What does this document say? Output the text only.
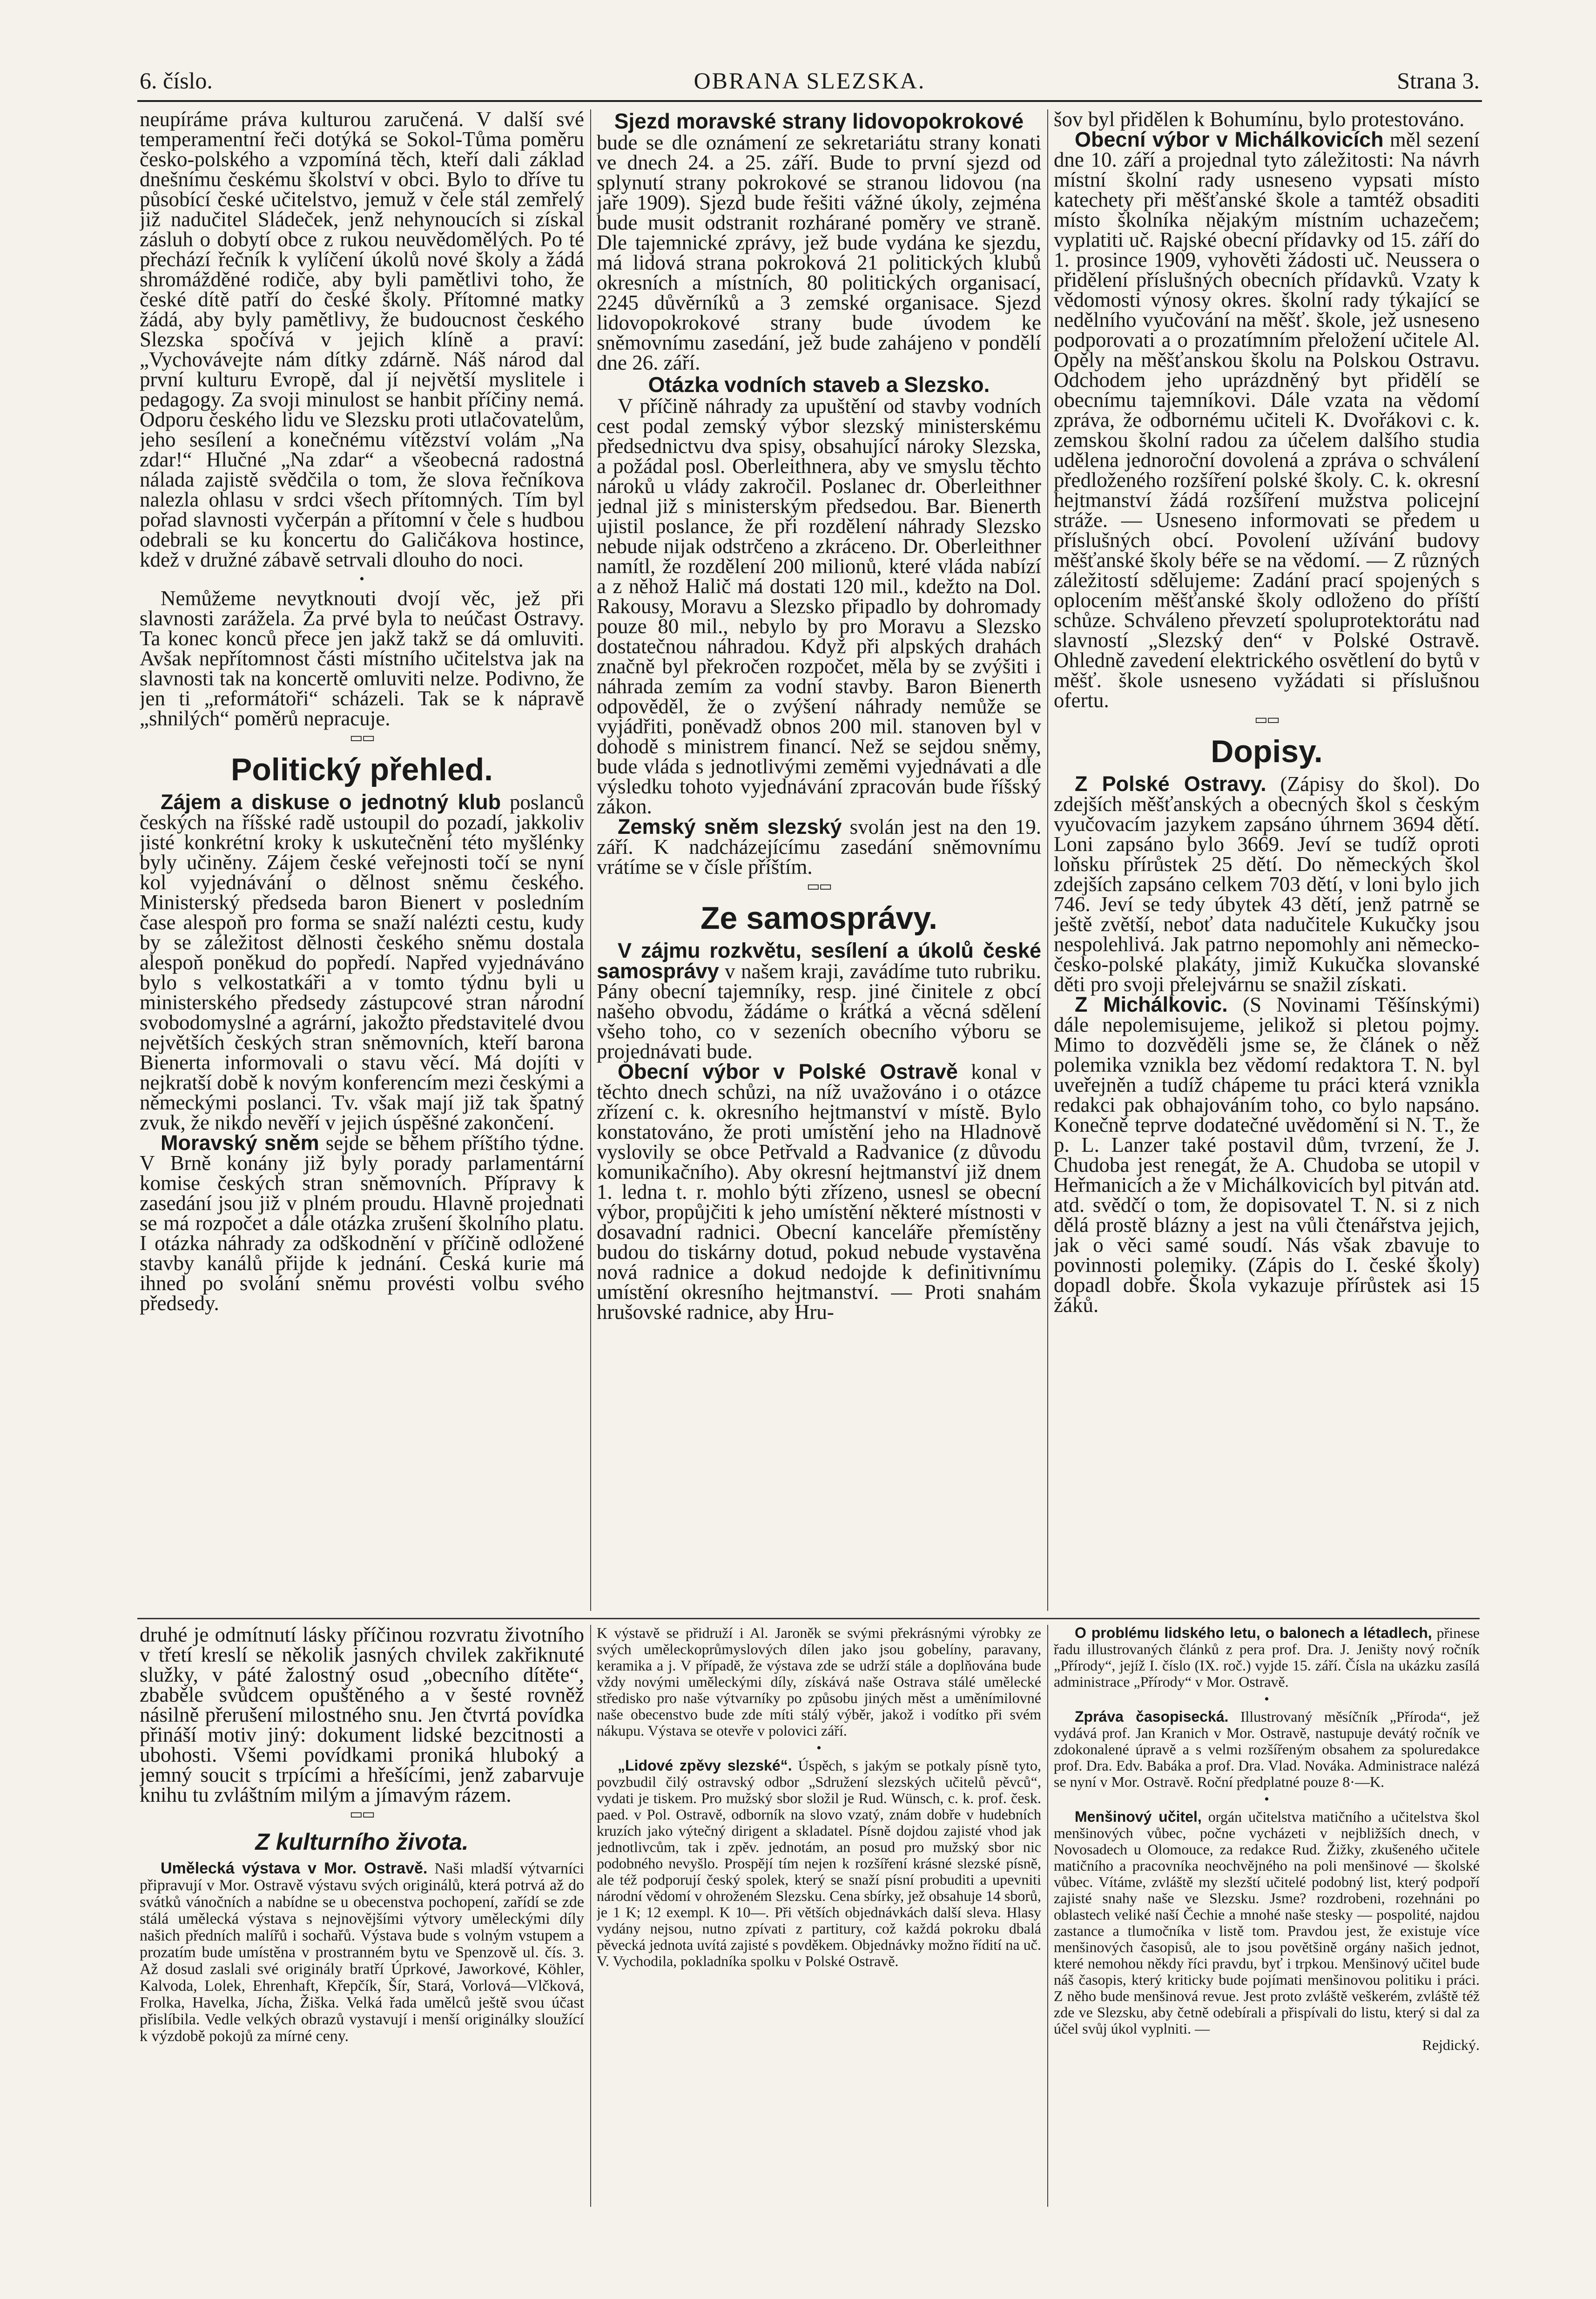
6. číslo.	OBRANA SLEZSKA.	Strana 3.

neupíráme práva kulturou zaručená. V další své temperamentní řeči dotýká se Sokol-Tůma poměru česko-polského a vzpomíná těch, kteří dali základ dnešnímu českému školství v obci. Bylo to dříve tu působící české učitelstvo, jemuž v čele stál zemřelý již nadučitel Sládeček, jenž nehynoucích si získal zásluh o dobytí obce z rukou neuvědomělých. Po té přechází řečník k vylíčení úkolů nové školy a žádá shromážděné rodiče, aby byli pamětlivi toho, že české dítě patří do české školy. Přítomné matky žádá, aby byly pamětlivy, že budoucnost českého Slezska spočívá v jejich klíně a praví: „Vychovávejte nám dítky zdárně. Náš národ dal první kulturu Evropě, dal jí největší myslitele i pedagogy. Za svoji minulost se hanbit příčiny nemá. Odporu českého lidu ve Slezsku proti utlačovatelům, jeho sesílení a konečnému vítězství volám „Na zdar!“ Hlučné „Na zdar“ a všeobecná radostná nálada zajistě svědčila o tom, že slova řečníkova nalezla ohlasu v srdci všech přítomných. Tím byl pořad slavnosti vyčerpán a přítomní v čele s hudbou odebrali se ku koncertu do Galičákova hostince, kdež v družné zábavě setrvali dlouho do noci.

•

Nemůžeme nevytknouti dvojí věc, jež při slavnosti zarážela. Za prvé byla to neúčast Ostravy. Ta konec konců přece jen jakž takž se dá omluviti. Avšak nepřítomnost části místního učitelstva jak na slavnosti tak na koncertě omluviti nelze. Podivno, že jen ti „reformátoři“ scházeli. Tak se k nápravě „shnilých“ poměrů nepracuje.

▭▭
Politický přehled.

Zájem a diskuse o jednotný klub poslanců českých na říšské radě ustoupil do pozadí, jakkoliv jisté konkrétní kroky k uskutečnění této myšlénky byly učiněny. Zájem české veřejnosti točí se nyní kol vyjednávání o dělnost sněmu českého. Ministerský předseda baron Bienert v posledním čase alespoň pro forma se snaží nalézti cestu, kudy by se záležitost dělnosti českého sněmu dostala alespoň poněkud do popředí. Napřed vyjednáváno bylo s velkostatkáři a v tomto týdnu byli u ministerského předsedy zástupcové stran národní svobodomyslné a agrární, jakožto představitelé dvou největších českých stran sněmovních, kteří barona Bienerta informovali o stavu věcí. Má dojíti v nejkratší době k novým konferencím mezi českými a německými poslanci. Tv. však mají již tak špatný zvuk, že nikdo nevěří v jejich úspěšné zakončení.

Moravský sněm sejde se během příštího týdne. V Brně konány již byly porady parlamentární komise českých stran sněmovních. Přípravy k zasedání jsou již v plném proudu. Hlavně projednati se má rozpočet a dále otázka zrušení školního platu. I otázka náhrady za odškodnění v příčině odložené stavby kanálů přijde k jednání. Česká kurie má ihned po svolání sněmu provésti volbu svého předsedy.

Sjezd moravské strany lidovopokrokové

bude se dle oznámení ze sekretariátu strany konati ve dnech 24. a 25. září. Bude to první sjezd od splynutí strany pokrokové se stranou lidovou (na jaře 1909). Sjezd bude řešiti vážné úkoly, zejména bude musit odstranit rozhárané poměry ve straně. Dle tajemnické zprávy, jež bude vydána ke sjezdu, má lidová strana pokroková 21 politických klubů okresních a místních, 80 politických organisací, 2245 důvěrníků a 3 zemské organisace. Sjezd lidovopokrokové strany bude úvodem ke sněmovnímu zasedání, jež bude zahájeno v pondělí dne 26. září.

Otázka vodních staveb a Slezsko.

V příčině náhrady za upuštění od stavby vodních cest podal zemský výbor slezský ministerskému předsednictvu dva spisy, obsahující nároky Slezska, a požádal posl. Oberleithnera, aby ve smyslu těchto nároků u vlády zakročil. Poslanec dr. Oberleithner jednal již s ministerským předsedou. Bar. Bienerth ujistil poslance, že při rozdělení náhrady Slezsko nebude nijak odstrčeno a zkráceno. Dr. Oberleithner namítl, že rozdělení 200 milionů, které vláda nabízí a z něhož Halič má dostati 120 mil., kdežto na Dol. Rakousy, Moravu a Slezsko připadlo by dohromady pouze 80 mil., nebylo by pro Moravu a Slezsko dostatečnou náhradou. Když při alpských drahách značně byl překročen rozpočet, měla by se zvýšiti i náhrada zemím za vodní stavby. Baron Bienerth odpověděl, že o zvýšení náhrady nemůže se vyjádřiti, poněvadž obnos 200 mil. stanoven byl v dohodě s ministrem financí. Než se sejdou sněmy, bude vláda s jednotlivými zeměmi vyjednávati a dle výsledku tohoto vyjednávání zpracován bude říšský zákon.

Zemský sněm slezský svolán jest na den 19. září. K nadcházejícímu zasedání sněmovnímu vrátíme se v čísle příštím.

▭▭
Ze samosprávy.

V zájmu rozkvětu, sesílení a úkolů české samosprávy v našem kraji, zavádíme tuto rubriku. Pány obecní tajemníky, resp. jiné činitele z obcí našeho obvodu, žádáme o krátká a věcná sdělení všeho toho, co v sezeních obecního výboru se projednávati bude.

Obecní výbor v Polské Ostravě konal v těchto dnech schůzi, na níž uvažováno i o otázce zřízení c. k. okresního hejtmanství v místě. Bylo konstatováno, že proti umístění jeho na Hladnově vyslovily se obce Petřvald a Radvanice (z důvodu komunikačního). Aby okresní hejtmanství již dnem 1. ledna t. r. mohlo býti zřízeno, usnesl se obecní výbor, propůjčiti k jeho umístění některé místnosti v dosavadní radnici. Obecní kanceláře přemístěny budou do tiskárny dotud, pokud nebude vystavěna nová radnice a dokud nedojde k definitivnímu umístění okresního hejtmanství. — Proti snahám hrušovské radnice, aby Hru-

šov byl přidělen k Bohumínu, bylo protestováno.

Obecní výbor v Michálkovicích měl sezení dne 10. září a projednal tyto záležitosti: Na návrh místní školní rady usneseno vypsati místo katechety při měšťanské škole a tamtéž obsaditi místo školníka nějakým místním uchazečem; vyplatiti uč. Rajské obecní přídavky od 15. září do 1. prosince 1909, vyhověti žádosti uč. Neussera o přidělení příslušných obecních přídavků. Vzaty k vědomosti výnosy okres. školní rady týkající se nedělního vyučování na měšť. škole, jež usneseno podporovati a o prozatímním přeložení učitele Al. Opěly na měšťanskou školu na Polskou Ostravu. Odchodem jeho uprázdněný byt přidělí se obecnímu tajemníkovi. Dále vzata na vědomí zpráva, že odbornému učiteli K. Dvořákovi c. k. zemskou školní radou za účelem dalšího studia udělena jednoroční dovolená a zpráva o schválení předloženého rozšíření polské školy. C. k. okresní hejtmanství žádá rozšíření mužstva policejní stráže. — Usneseno informovati se předem u příslušných obcí. Povolení užívání budovy měšťanské školy béře se na vědomí. — Z různých záležitostí sdělujeme: Zadání prací spojených s oplocením měšťanské školy odloženo do příští schůze. Schváleno převzetí spoluprotektorátu nad slavností „Slezský den“ v Polské Ostravě. Ohledně zavedení elektrického osvětlení do bytů v měšť. škole usneseno vyžádati si příslušnou ofertu.

▭▭
Dopisy.

Z Polské Ostravy. (Zápisy do škol). Do zdejších měšťanských a obecných škol s českým vyučovacím jazykem zapsáno úhrnem 3694 dětí. Loni zapsáno bylo 3669. Jeví se tudíž oproti loňsku přírůstek 25 dětí. Do německých škol zdejších zapsáno celkem 703 dětí, v loni bylo jich 746. Jeví se tedy úbytek 43 dětí, jenž patrně se ještě zvětší, neboť data nadučitele Kukučky jsou nespolehlivá. Jak patrno nepomohly ani německo-česko-polské plakáty, jimiž Kukučka slovanské děti pro svoji přelejvárnu se snažil získati.

Z Michálkovic. (S Novinami Těšínskými) dále nepolemisujeme, jelikož si pletou pojmy. Mimo to dozvěděli jsme se, že článek o něž polemika vznikla bez vědomí redaktora T. N. byl uveřejněn a tudíž chápeme tu práci která vznikla redakci pak obhajováním toho, co bylo napsáno. Konečně teprve dodatečné uvědomění si N. T., že p. L. Lanzer také postavil dům, tvrzení, že J. Chudoba jest renegát, že A. Chudoba se utopil v Heřmanicích a že v Michálkovicích byl pitván atd. atd. svědčí o tom, že dopisovatel T. N. si z nich dělá prostě blázny a jest na vůli čtenářstva jejich, jak o věci samé soudí. Nás však zbavuje to povinnosti polemiky. (Zápis do I. české školy) dopadl dobře. Škola vykazuje přírůstek asi 15 žáků.

druhé je odmítnutí lásky příčinou rozvratu životního v třetí kreslí se několik jasných chvilek zakřiknuté služky, v páté žalostný osud „obecního dítěte“, zbaběle svůdcem opuštěného a v šesté rovněž násilně přerušení milostného snu. Jen čtvrtá povídka přináší motiv jiný: dokument lidské bezcitnosti a ubohosti. Všemi povídkami proniká hluboký a jemný soucit s trpícími a hřešícími, jenž zabarvuje knihu tu zvláštním milým a jímavým rázem.

▭▭
Z kulturního života.

Umělecká výstava v Mor. Ostravě. Naši mladší výtvarníci připravují v Mor. Ostravě výstavu svých originálů, která potrvá až do svátků vánočních a nabídne se u obecenstva pochopení, zařídí se zde stálá umělecká výstava s nejnovějšími výtvory uměleckými díly našich předních malířů i sochařů. Výstava bude s volným vstupem a prozatím bude umístěna v prostranném bytu ve Spenzově ul. čís. 3. Až dosud zaslali své originály bratří Úprkové, Jaworkové, Köhler, Kalvoda, Lolek, Ehrenhaft, Křepčík, Šír, Stará, Vorlová—Vlčková, Frolka, Havelka, Jícha, Žiška. Velká řada umělců ještě svou účast přislíbila. Vedle velkých obrazů vystavují i menší originálky sloužící k výzdobě pokojů za mírné ceny.

K výstavě se přidruží i Al. Jaroněk se svými překrásnými výrobky ze svých uměleckoprůmyslových dílen jako jsou gobelíny, paravany, keramika a j. V případě, že výstava zde se udrží stále a doplňována bude vždy novými uměleckými díly, získává naše Ostrava stálé umělecké středisko pro naše výtvarníky po způsobu jiných měst a uměnímilovné naše obecenstvo bude zde míti stálý výběr, jakož i vodítko při svém nákupu. Výstava se otevře v polovici září.

•

„Lidové zpěvy slezské“. Úspěch, s jakým se potkaly písně tyto, povzbudil čilý ostravský odbor „Sdružení slezských učitelů pěvců“, vydati je tiskem. Pro mužský sbor složil je Rud. Wünsch, c. k. prof. česk. paed. v Pol. Ostravě, odborník na slovo vzatý, znám dobře v hudebních kruzích jako výtečný dirigent a skladatel. Písně dojdou zajisté vhod jak jednotlivcům, tak i zpěv. jednotám, an posud pro mužský sbor nic podobného nevyšlo. Prospějí tím nejen k rozšíření krásné slezské písně, ale též podporují český spolek, který se snaží písní probuditi a upevniti národní vědomí v ohroženém Slezsku. Cena sbírky, jež obsahuje 14 sborů, je 1 K; 12 exempl. K 10—. Při větších objednávkách další sleva. Hlasy vydány nejsou, nutno zpívati z partitury, což každá pokroku dbalá pěvecká jednota uvítá zajisté s povděkem. Objednávky možno řídití na uč. V. Vychodila, pokladníka spolku v Polské Ostravě.

O problému lidského letu, o balonech a létadlech, přinese řadu illustrovaných článků z pera prof. Dra. J. Jeništy nový ročník „Přírody“, jejíž I. číslo (IX. roč.) vyjde 15. září. Čísla na ukázku zasílá administrace „Přírody“ v Mor. Ostravě.

•

Zpráva časopisecká. Illustrovaný měsíčník „Příroda“, jež vydává prof. Jan Kranich v Mor. Ostravě, nastupuje devátý ročník ve zdokonalené úpravě a s velmi rozšířeným obsahem za spoluredakce prof. Dra. Edv. Babáka a prof. Dra. Vlad. Nováka. Administrace nalézá se nyní v Mor. Ostravě. Roční předplatné pouze 8·—K.

•

Menšinový učitel, orgán učitelstva matičního a učitelstva škol menšinových vůbec, počne vycházeti v nejbližších dnech, v Novosadech u Olomouce, za redakce Rud. Žižky, zkušeného učitele matičního a pracovníka neochvějného na poli menšinové — školské vůbec. Vítáme, zvláště my slezští učitelé podobný list, který podpoří zajisté snahy naše ve Slezsku. Jsme? rozdrobeni, rozehnáni po oblastech veliké naší Čechie a mnohé naše stesky — pospolité, najdou zastance a tlumočníka v listě tom. Pravdou jest, že existuje více menšinových časopisů, ale to jsou povětšině orgány našich jednot, které nemohou někdy říci pravdu, byť i trpkou. Menšinový učitel bude náš časopis, který kriticky bude pojímati menšinovou politiku i práci. Z něho bude menšinová revue. Jest proto zvláště veškerém, zvláště též zde ve Slezsku, aby četně odebírali a přispívali do listu, který si dal za účel svůj úkol vyplniti. —

Rejdický.
